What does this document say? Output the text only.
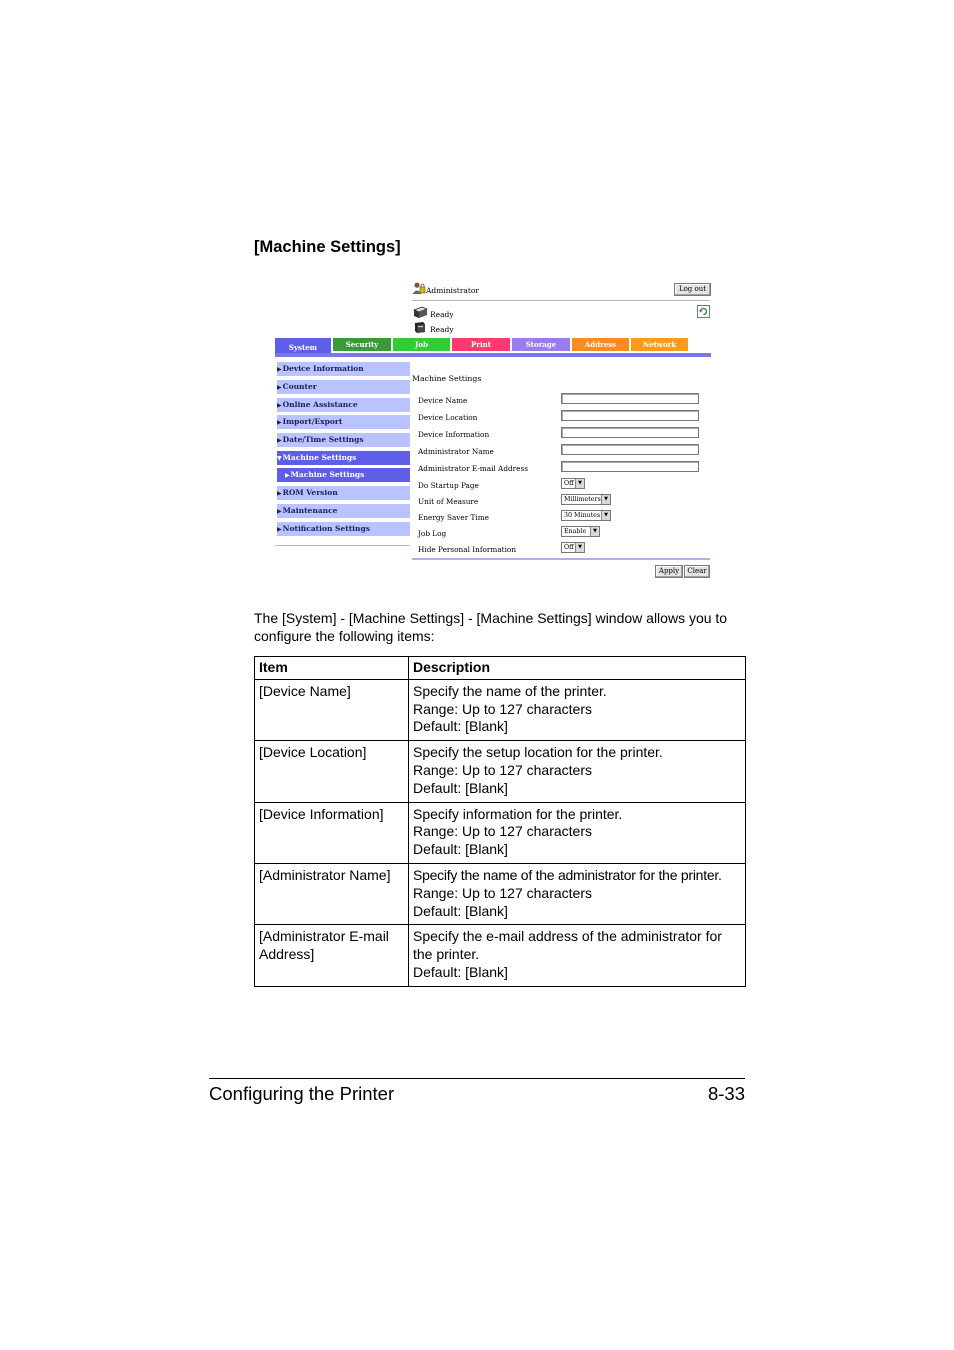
[Machine Settings]
Administrator	Log out
Ready
Ready
System	Security	Job	Print	Storage	Address	Network
▶Device Information
▶Counter
▶Online Assistance
▶Import/Export
▶Date/Time Settings
▼Machine Settings
▶Machine Settings
▶ROM Version
▶Maintenance
▶Notification Settings
Machine Settings
Device Name
Device Location
Device Information
Administrator Name
Administrator E-mail Address
Do Startup Page	Off ▼
Unit of Measure	Millimeters ▼
Energy Saver Time	30 Minutes ▼
Job Log	Enable	▼
Hide Personal Information	Off ▼
Apply	Clear
The [System] - [Machine Settings] - [Machine Settings] window allows you to configure the following items:
Item	Description
[Device Name]	Specify the name of the printer.
Range: Up to 127 characters
Default: [Blank]

[Device Location]	Specify the setup location for the printer.
Range: Up to 127 characters
Default: [Blank]

[Device Information]	Specify information for the printer.
Range: Up to 127 characters
Default: [Blank]

[Administrator Name]	Specify the name of the administrator for the printer.
Range: Up to 127 characters
Default: [Blank]

[Administrator E-mail Address]	Specify the e-mail address of the administrator for the printer.
Default: [Blank]
Configuring the Printer	8-33
